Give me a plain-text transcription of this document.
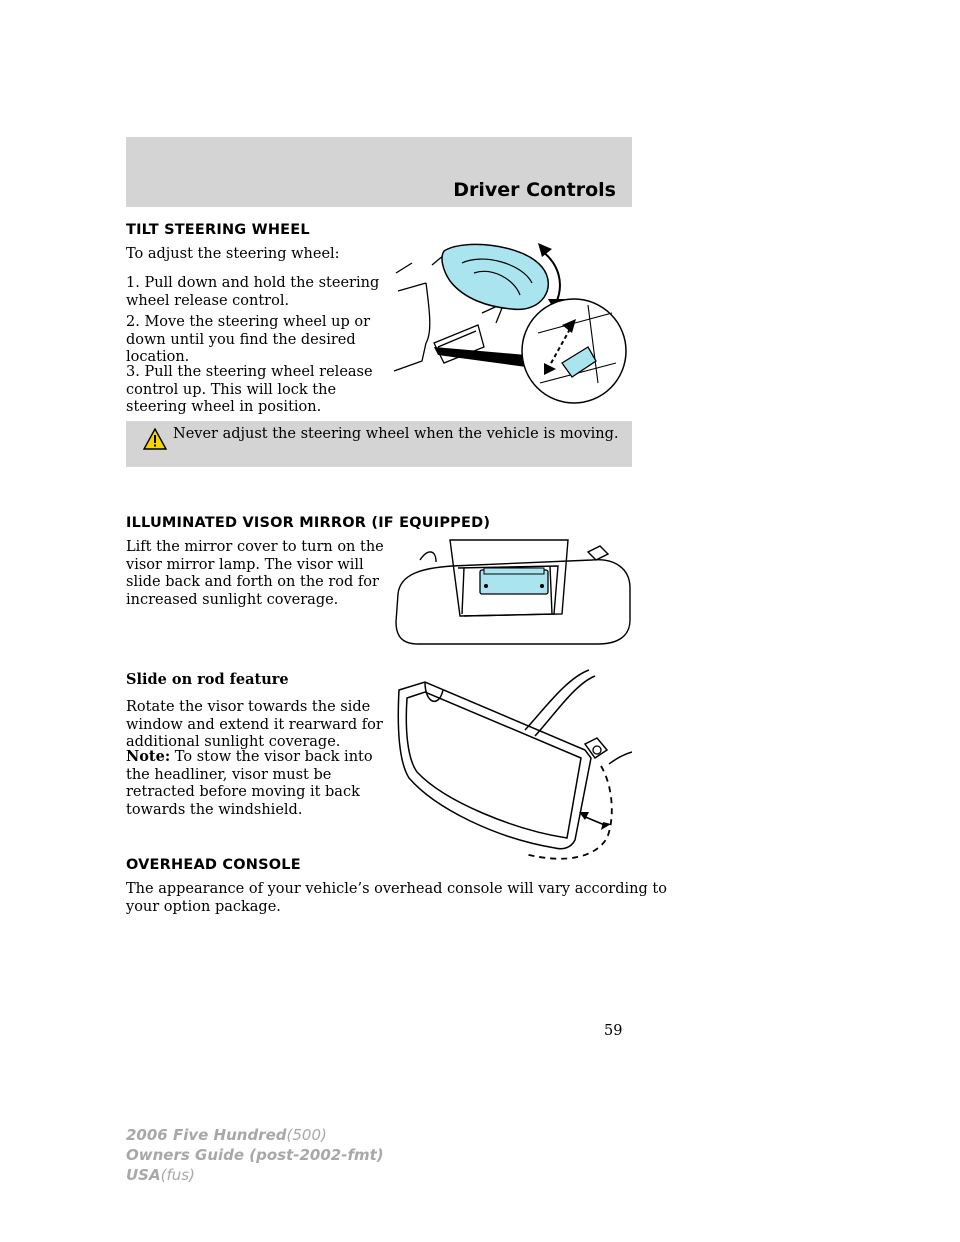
Driver Controls
TILT STEERING WHEEL
To adjust the steering wheel:
1. Pull down and hold the steering
wheel release control.
2. Move the steering wheel up or
down until you find the desired
location.
3. Pull the steering wheel release
control up. This will lock the
steering wheel in position.
Never adjust the steering wheel when the vehicle is moving.
ILLUMINATED VISOR MIRROR (IF EQUIPPED)
Lift the mirror cover to turn on the
visor mirror lamp. The visor will
slide back and forth on the rod for
increased sunlight coverage.
Slide on rod feature
Rotate the visor towards the side
window and extend it rearward for
additional sunlight coverage.
Note: To stow the visor back into
the headliner, visor must be
retracted before moving it back
towards the windshield.
OVERHEAD CONSOLE
The appearance of your vehicle’s overhead console will vary according to
your option package.
59
2006 Five Hundred(500)
Owners Guide (post-2002-fmt)
USA(fus)
